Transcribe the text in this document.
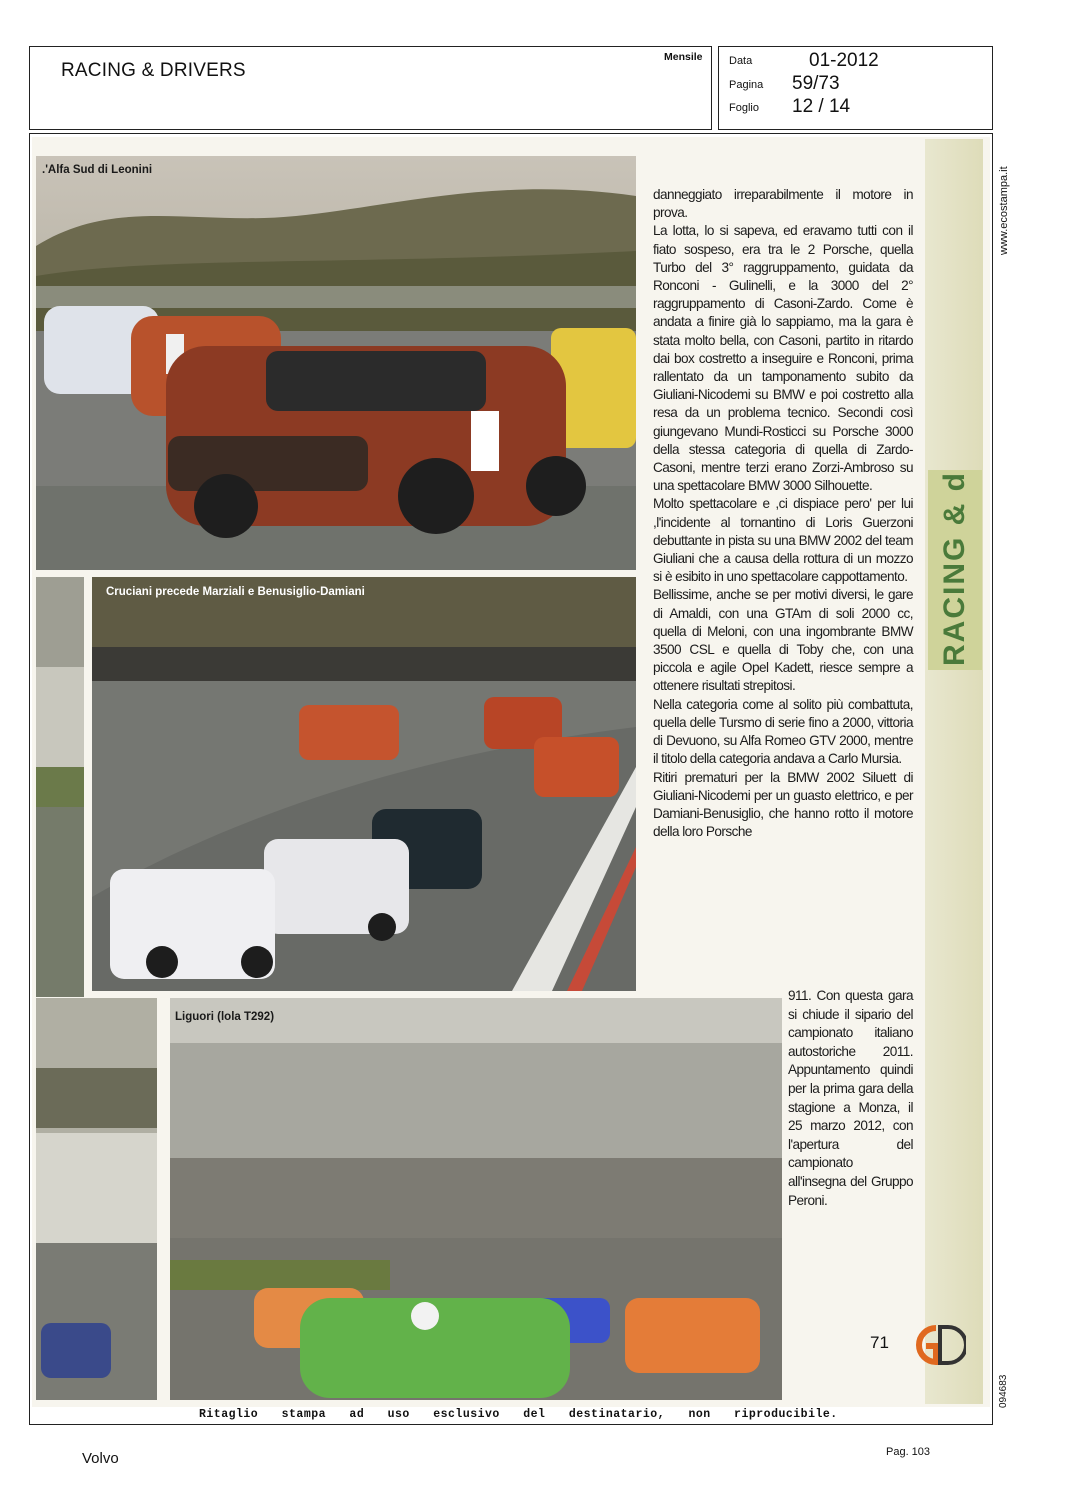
RACING & DRIVERS
Mensile Data	01-2012
Pagina 59/73
Foglio 12 / 14
www.ecostampa.it
094683
RACING & drivers
.'Alfa Sud di Leonini
Cruciani precede Marziali e Benusiglio-Damiani
Liguori (lola T292)

danneggiato irreparabilmente il motore in prova.

La lotta, lo si sapeva, ed eravamo tutti con il fiato sospeso, era tra le 2 Porsche, quella Turbo del 3° raggruppamento, guidata da Ronconi - Gulinelli, e la 3000 del 2° raggruppamento di Casoni-Zardo. Come è andata a finire già lo sappiamo, ma la gara è stata molto bella, con Casoni, partito in ritardo dai box costretto a inseguire e Ronconi, prima rallentato da un tamponamento subito da Giuliani-Nicodemi su BMW e poi costretto alla resa da un problema tecnico. Secondi così giungevano Mundi-Rosticci su Porsche 3000 della stessa categoria di quella di Zardo-Casoni, mentre terzi erano Zorzi-Ambroso su una spettacolare BMW 3000 Silhouette.

Molto spettacolare e ,ci dispiace pero' per lui ,l'incidente al tornantino di Loris Guerzoni debuttante in pista su una BMW 2002 del team Giuliani che a causa della rottura di un mozzo si è esibito in uno spettacolare cappottamento.

Bellissime, anche se per motivi diversi, le gare di Amaldi, con una GTAm di soli 2000 cc, quella di Meloni, con una ingombrante BMW 3500 CSL e quella di Toby che, con una piccola e agile Opel Kadett, riesce sempre a ottenere risultati strepitosi.

Nella categoria come al solito più combattuta, quella delle Tursmo di serie fino a 2000, vittoria di Devuono, su Alfa Romeo GTV 2000, mentre il titolo della categoria andava a Carlo Mursia.

Ritiri prematuri per la BMW 2002 Siluett di Giuliani-Nicodemi per un guasto elettrico, e per Damiani-Benusiglio, che hanno rotto il motore della loro Porsche

911. Con questa gara si chiude il sipario del campionato italiano autostoriche 2011. Appuntamento quindi per la prima gara della stagione a Monza, il 25 marzo 2012, con l'apertura del campionato all'insegna del Gruppo Peroni.
71
Ritaglio stampa ad uso esclusivo del destinatario, non riproducibile.
Volvo	Pag. 103
